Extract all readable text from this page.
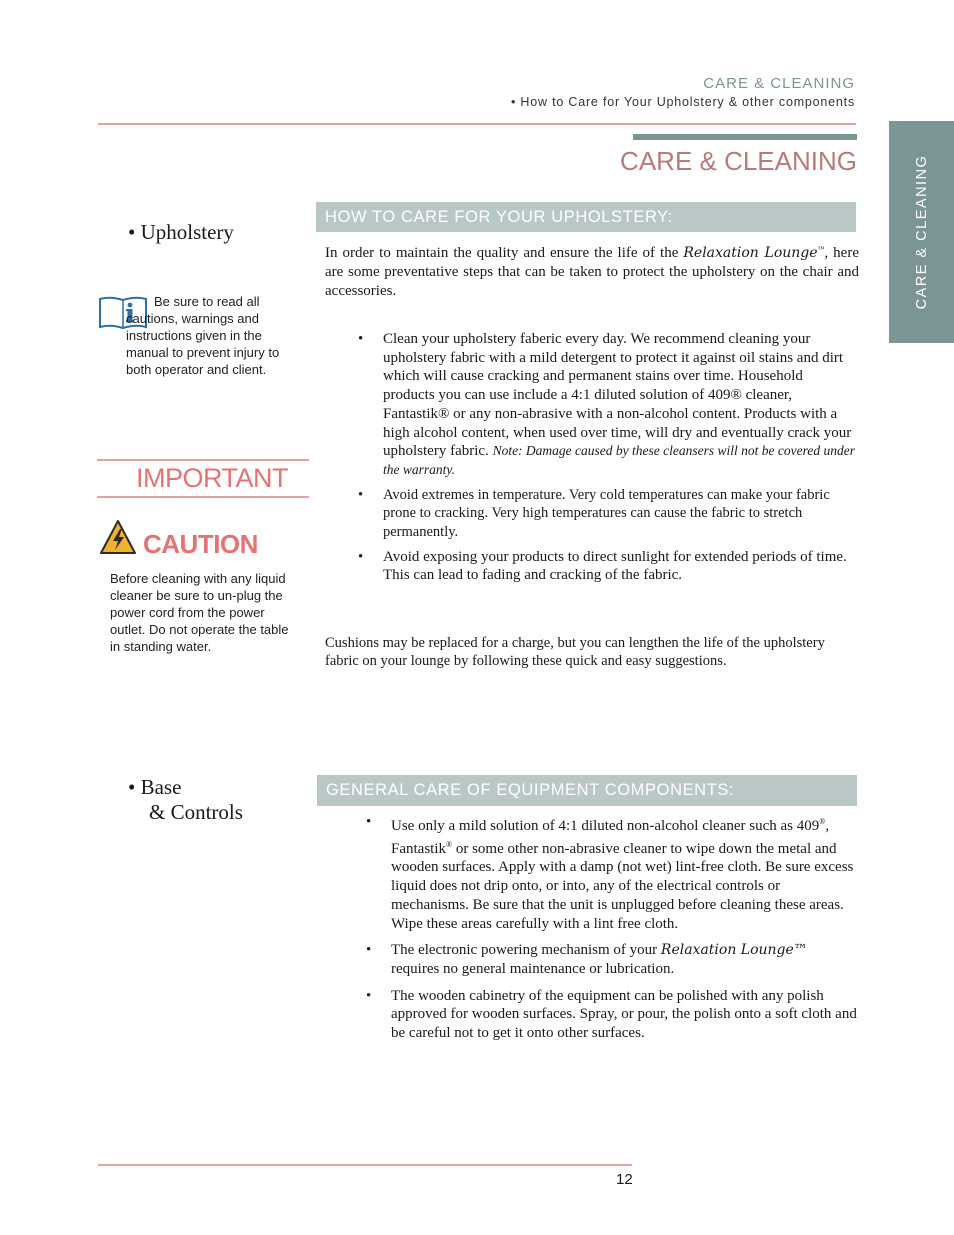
CARE & CLEANING
• How to Care for Your Upholstery & other components
CARE & CLEANING
CARE & CLEANING
• Upholstery
HOW TO CARE FOR YOUR UPHOLSTERY:
In order to maintain the quality and ensure the life of the Relaxation Lounge™, here are some preventative steps that can be taken to protect the upholstery on the chair and accessories.
Be sure to read all cautions, warnings and instructions given in the manual to prevent injury to both operator and client.
IMPORTANT
CAUTION
Before cleaning with any liquid cleaner be sure to un-plug the power cord from the power outlet. Do not operate the table in standing water.
•	Clean your upholstery faberic every day. We recommend cleaning your upholstery fabric with a mild detergent to protect it against oil stains and dirt which will cause cracking and permanent stains over time. Household products you can use include a 4:1 diluted solution of 409® cleaner, Fantastik® or any non-abrasive with a non-alcohol content. Products with a high alcohol content, when used over time, will dry and eventually crack your upholstery fabric. Note: Damage caused by these cleansers will not be covered under the warranty.
•	Avoid extremes in temperature. Very cold temperatures can make your fabric prone to cracking. Very high temperatures can cause the fabric to stretch permanently.
•	Avoid exposing your products to direct sunlight for extended periods of time. This can lead to fading and cracking of the fabric.
Cushions may be replaced for a charge, but you can lengthen the life of the upholstery fabric on your lounge by following these quick and easy suggestions.
• Base
& Controls
GENERAL CARE OF EQUIPMENT COMPONENTS:
•	Use only a mild solution of 4:1 diluted non-alcohol cleaner such as 409®, Fantastik® or some other non-abrasive cleaner to wipe down the metal and wooden surfaces. Apply with a damp (not wet) lint-free cloth. Be sure excess liquid does not drip onto, or into, any of the electrical controls or mechanisms. Be sure that the unit is unplugged before cleaning these areas. Wipe these areas carefully with a lint free cloth.
•	The electronic powering mechanism of your Relaxation Lounge™ requires no general maintenance or lubrication.
•	The wooden cabinetry of the equipment can be polished with any polish approved for wooden surfaces. Spray, or pour, the polish onto a soft cloth and be careful not to get it onto other surfaces.
12
